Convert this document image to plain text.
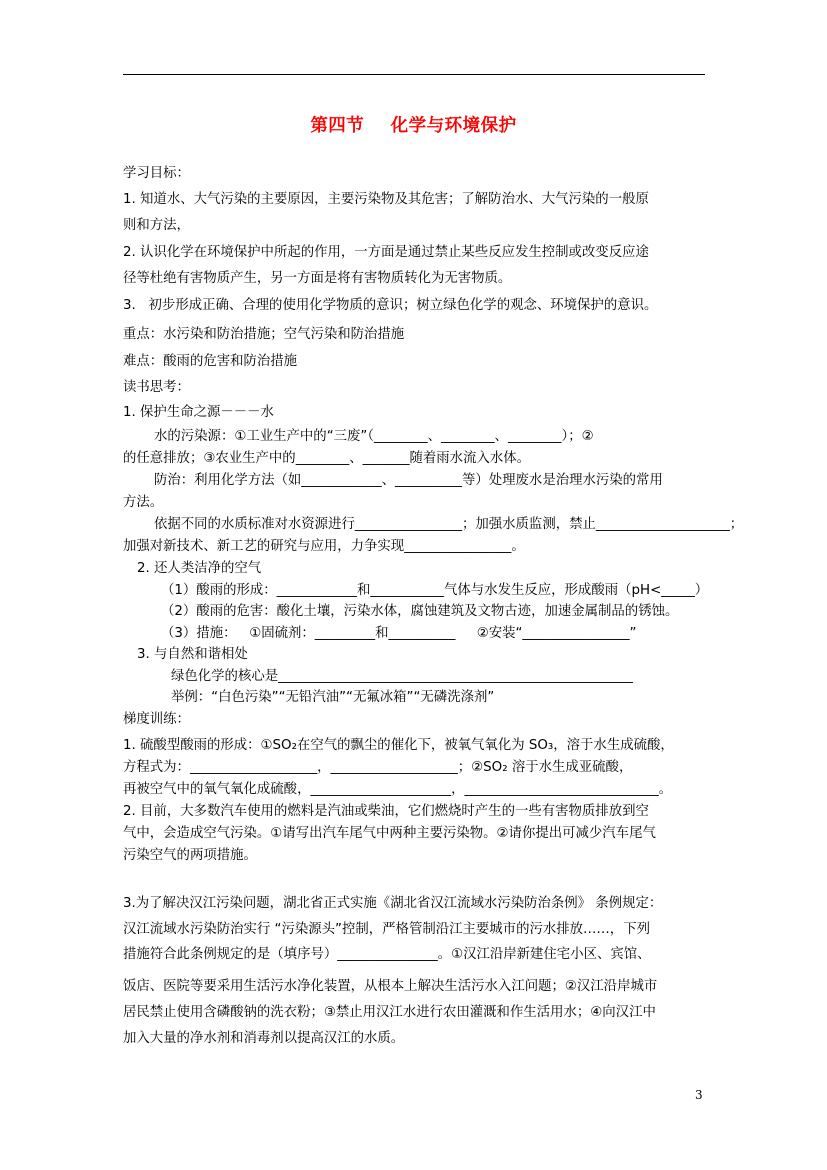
第四节    化学与环境保护
学习目标：
1. 知道水、大气污染的主要原因，主要污染物及其危害；了解防治水、大气污染的一般原
则和方法，
2. 认识化学在环境保护中所起的作用，一方面是通过禁止某些反应发生控制或改变反应途
径等杜绝有害物质产生，另一方面是将有害物质转化为无害物质。
3.   初步形成正确、合理的使用化学物质的意识；树立绿色化学的观念、环境保护的意识。
重点：水污染和防治措施；空气污染和防治措施
难点：酸雨的危害和防治措施
读书思考：
1. 保护生命之源－－－水
水的污染源：①工业生产中的“三废”（________、________、________）；②
的任意排放；③农业生产中的________、_______随着雨水流入水体。
防治：利用化学方法（如____________、__________等）处理废水是治理水污染的常用
方法。
依据不同的水质标准对水资源进行________________；加强水质监测，禁止____________________；
加强对新技术、新工艺的研究与应用，力争实现________________。
2. 还人类洁净的空气
（1）酸雨的形成：____________和___________气体与水发生反应，形成酸雨（pH<_____）
（2）酸雨的危害：酸化土壤，污染水体，腐蚀建筑及文物古迹，加速金属制品的锈蚀。
（3）措施：   ①固硫剂：_________和__________     ②安装“________________”
3. 与自然和谐相处
绿色化学的核心是_____________________________________________________
举例：“白色污染”“无铅汽油”“无氟冰箱”“无磷洗涤剂”
梯度训练：
1. 硫酸型酸雨的形成：①SO₂在空气的飘尘的催化下，被氧气氧化为 SO₃，溶于水生成硫酸，
方程式为：___________________，___________________；②SO₂ 溶于水生成亚硫酸，
再被空气中的氧气氧化成硫酸，_____________________，_____________________________。
2. 目前，大多数汽车使用的燃料是汽油或柴油，它们燃烧时产生的一些有害物质排放到空
气中，会造成空气污染。①请写出汽车尾气中两种主要污染物。②请你提出可减少汽车尾气
污染空气的两项措施。
3.为了解决汉江污染问题，湖北省正式实施《湖北省汉江流域水污染防治条例》 条例规定：
汉江流域水污染防治实行 “污染源头”控制，严格管制沿江主要城市的污水排放……，下列
措施符合此条例规定的是（填序号）_______________。①汉江沿岸新建住宅小区、宾馆、
饭店、医院等要采用生活污水净化装置，从根本上解决生活污水入江问题；②汉江沿岸城市
居民禁止使用含磷酸钠的洗衣粉；③禁止用汉江水进行农田灌溉和作生活用水；④向汉江中
加入大量的净水剂和消毒剂以提高汉江的水质。
3
